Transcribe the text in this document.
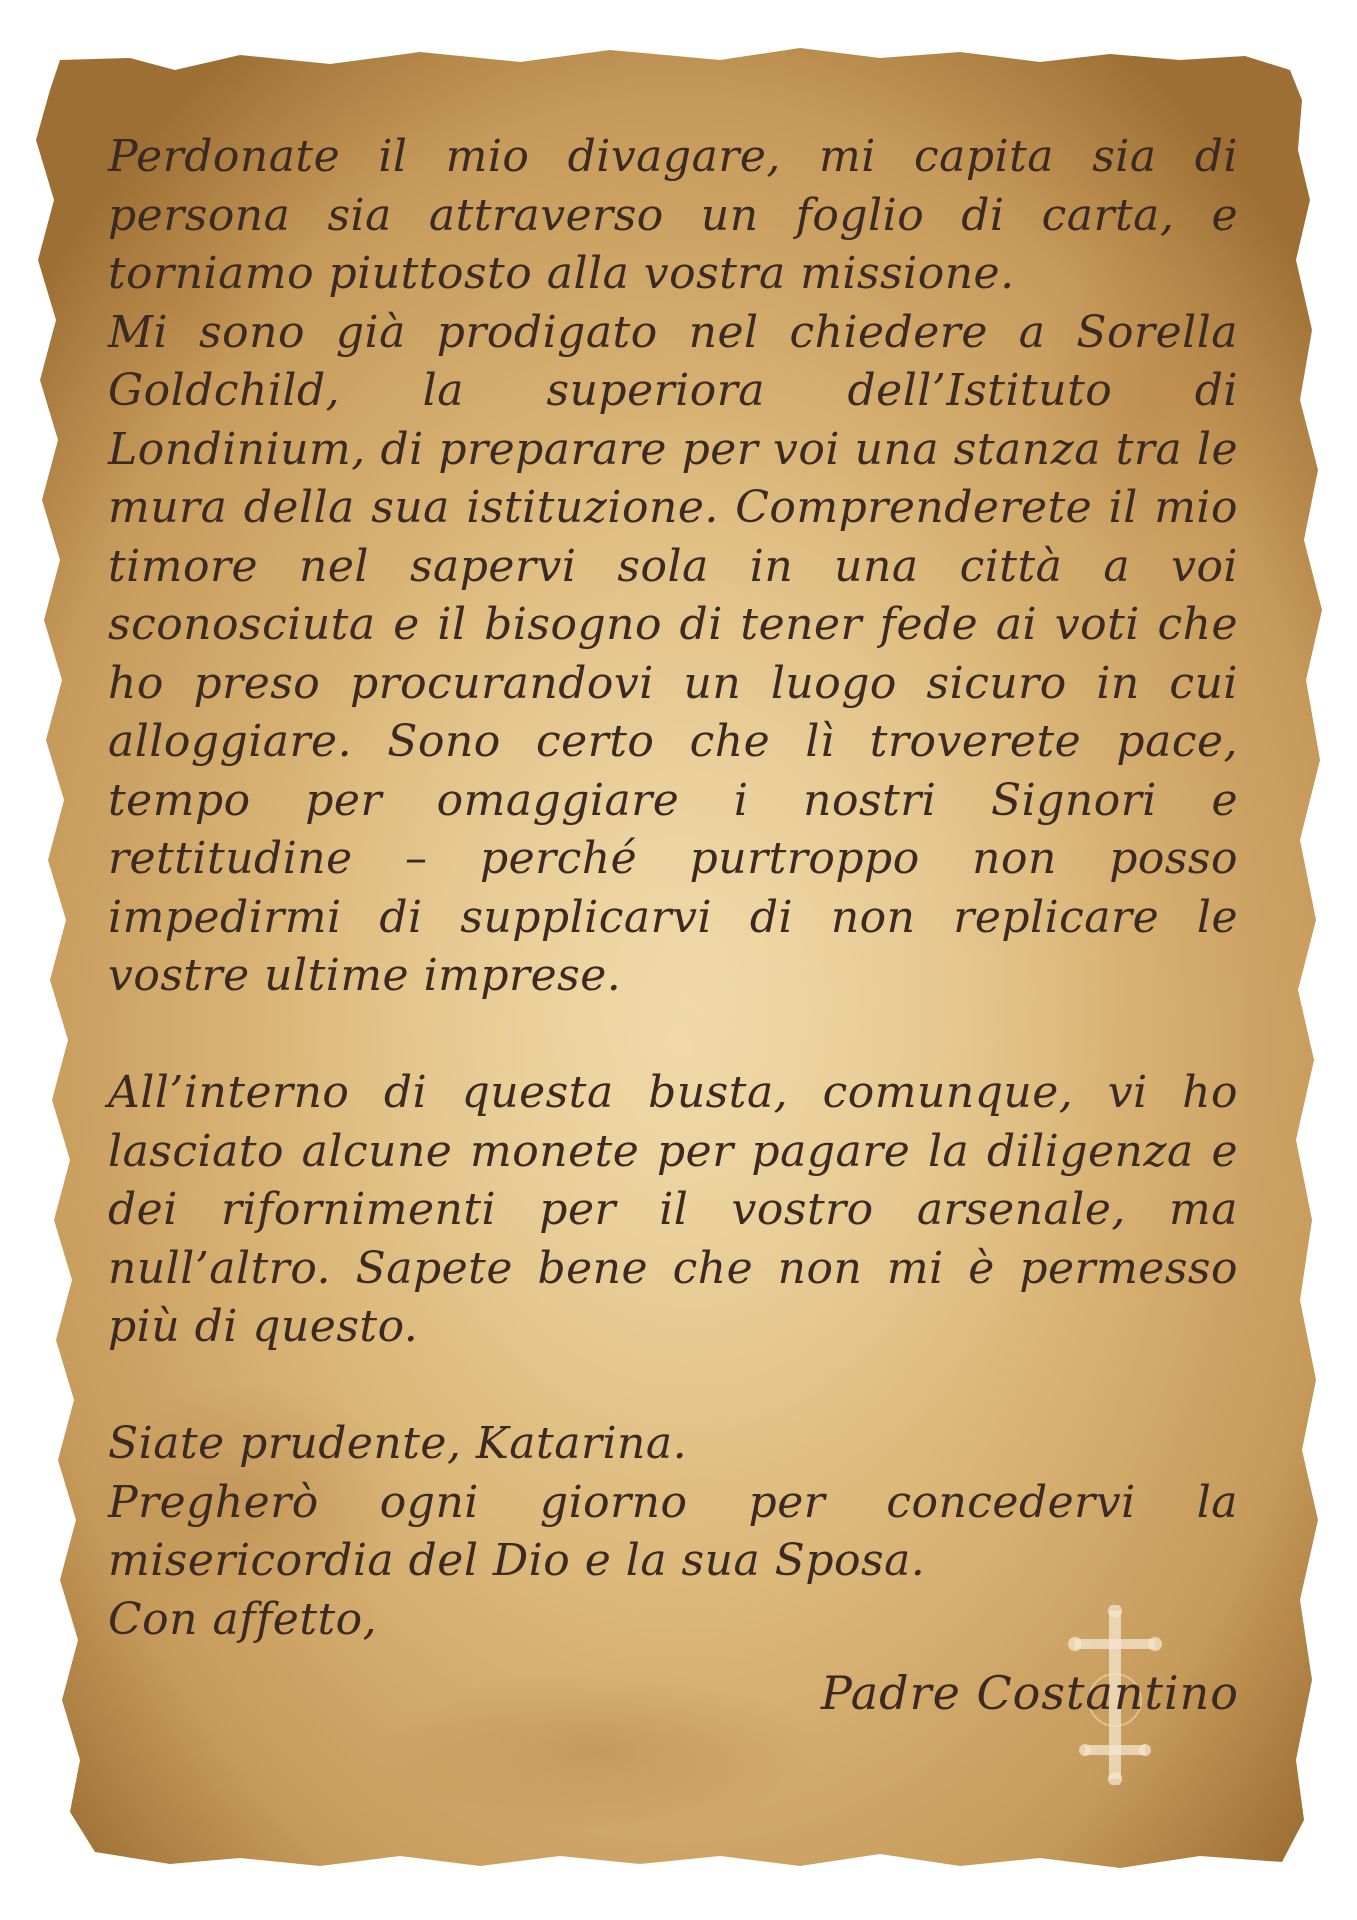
Perdonate il mio divagare, mi capita sia di persona sia attraverso un foglio di carta, e torniamo piuttosto alla vostra missione.

Mi sono già prodigato nel chiedere a Sorella Goldchild, la superiora dell’Istituto di Londinium, di preparare per voi una stanza tra le mura della sua istituzione. Comprenderete il mio timore nel sapervi sola in una città a voi sconosciuta e il bisogno di tener fede ai voti che ho preso procurandovi un luogo sicuro in cui alloggiare. Sono certo che lì troverete pace, tempo per omaggiare i nostri Signori e rettitudine – perché purtroppo non posso impedirmi di supplicarvi di non replicare le vostre ultime imprese.

All’interno di questa busta, comunque, vi ho lasciato alcune monete per pagare la diligenza e dei rifornimenti per il vostro arsenale, ma null’altro. Sapete bene che non mi è permesso più di questo.

Siate prudente, Katarina.

Pregherò ogni giorno per concedervi la misericordia del Dio e la sua Sposa.

Con affetto,

Padre Costantino
